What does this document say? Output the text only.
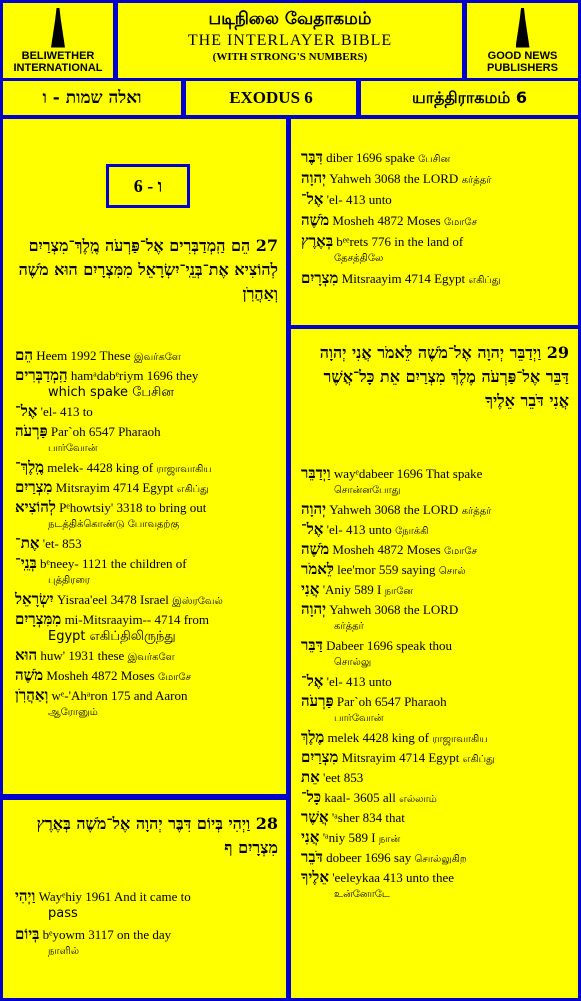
BELIWETHER INTERNATIONAL
படிநிலை வேதாகமம்
THE INTERLAYER BIBLE
(WITH STRONG'S NUMBERS)	GOOD NEWS PUBLISHERS
ואלה שמות - ו	EXODUS 6	யாத்திராகமம் 6
ו - 6
27 הֵם הַֽמְדַבְּרִים אֶל־פַּרְעֹה מֶֽלֶךְ־מִצְרַיִם לְהוֹצִיא אֶת־בְּנֵֽי־יִשְׂרָאֵל מִמִּצְרָיִם הוּא מֹשֶׁה וְאַהֲרֹֽן
הֵם Heem 1992 These இவர்களே
הַֽמְדַבְּרִים hamᵃdabᵉriym 1696 they
which spake பேசின
אֶל־ 'el- 413 to
פַּרְעֹה Par`oh 6547 Pharaoh
பார்வோன்
מֶֽלֶךְ־ melek- 4428 king of ராஜாவாகிய
מִצְרַיִם Mitsrayim 4714 Egypt எகிப்து
לְהוֹצִיא Pᵉhowtsiy' 3318 to bring out
நடத்திக்கொண்டு போவதற்கு
אֶת־ 'et- 853
בְּנֵֽי־ bᵉneey- 1121 the children of
புத்திரரை
יִשְׂרָאֵל Yisraa'eel 3478 Israel இஸ்ரவேல்
מִמִּצְרָיִם mi-Mitsraayim-- 4714 from
Egypt எகிப்திலிருந்து
הוּא huw' 1931 these இவர்களே
מֹשֶׁה Mosheh 4872 Moses மோசே
וְאַהֲרֹֽן wᵉ-'Ahᵃron 175 and Aaron
ஆரோனும்
28 וַיְהִי בְּיוֹם דִּבֶּר יְהוָה אֶל־מֹשֶׁה בְּאֶרֶץ מִצְרָיִם ף
וַיְהִי Wayᵉhiy 1961 And it came to
pass
בְּיוֹם bᵉyowm 3117 on the day
நாளில்
דִּבֶּר diber 1696 spake பேசின
יְהוָה Yahweh 3068 the LORD கர்த்தர்
אֶל־ 'el- 413 unto
מֹשֶׁה Mosheh 4872 Moses மோசே
בְּאֶרֶץ bᵉᵉrets 776 in the land of
தேசத்திலே
מִצְרָיִם Mitsraayim 4714 Egypt எகிப்து
29 וַיְדַבֵּר יְהוָה אֶל־מֹשֶׁה לֵּאמֹר אֲנִי יְהוָה דַּבֵּר אֶל־פַּרְעֹה מֶלֶךְ מִצְרַיִם אֵת כָּל־אֲשֶׁר אֲנִי דֹּבֵר אֵלֶיךָ
וַיְדַבֵּר wayᵉdabeer 1696 That spake
சொன்னபோது
יְהוָה Yahweh 3068 the LORD கர்த்தர்
אֶל־ 'el- 413 unto நோக்கி
מֹשֶׁה Mosheh 4872 Moses மோசே
לֵּאמֹר lee'mor 559 saying சொல்
אֲנִי 'Aniy 589 I நானே
יְהוָה Yahweh 3068 the LORD
கர்த்தர்
דַּבֵּר Dabeer 1696 speak thou
சொல்லு
אֶל־ 'el- 413 unto
פַּרְעֹה Par`oh 6547 Pharaoh
பார்வோன்
מֶלֶךְ melek 4428 king of ராஜாவாகிய
מִצְרַיִם Mitsrayim 4714 Egypt எகிப்து
אֵת 'eet 853
כָּל־ kaal- 3605 all எல்லாம்
אֲשֶׁר 'ᵃsher 834 that
אֲנִי 'ᵃniy 589 I நான்
דֹּבֵר dobeer 1696 say சொல்லுகிற
אֵלֶיךָ 'eeleykaa 413 unto thee
உன்னோடே
